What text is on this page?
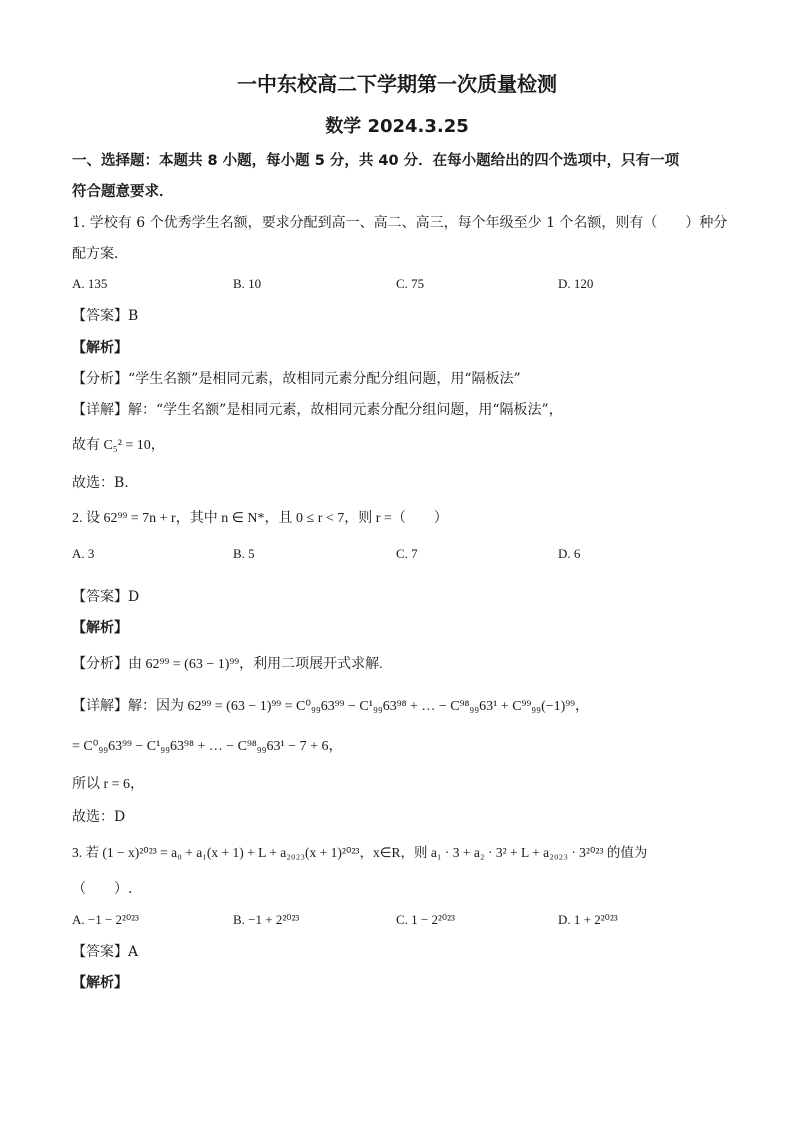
一中东校高二下学期第一次质量检测
数学 2024.3.25
一、选择题：本题共 8 小题，每小题 5 分，共 40 分．在每小题给出的四个选项中，只有一项
符合题意要求．
1. 学校有 6 个优秀学生名额，要求分配到高一、高二、高三，每个年级至少 1 个名额，则有（　　）种分
配方案．
A. 135	B. 10	C. 75	D. 120
【答案】B
【解析】
【分析】“学生名额”是相同元素，故相同元素分配分组问题，用“隔板法”
【详解】解：“学生名额”是相同元素，故相同元素分配分组问题，用“隔板法”，
故有 C₅² = 10，
故选：B.
2. 设 62⁹⁹ = 7n + r，其中 n ∈ N*，且 0 ≤ r < 7，则 r =（　　）
A. 3	B. 5	C. 7	D. 6
【答案】D
【解析】
【分析】由 62⁹⁹ = (63 − 1)⁹⁹，利用二项展开式求解.
【详解】解：因为 62⁹⁹ = (63 − 1)⁹⁹ = C⁰₉₉63⁹⁹ − C¹₉₉63⁹⁸ + … − C⁹⁸₉₉63¹ + C⁹⁹₉₉(−1)⁹⁹，
= C⁰₉₉63⁹⁹ − C¹₉₉63⁹⁸ + … − C⁹⁸₉₉63¹ − 7 + 6，
所以 r = 6，
故选：D
3. 若 (1 − x)²⁰²³ = a₀ + a₁(x + 1) + L + a₂₀₂₃(x + 1)²⁰²³，x∈R，则 a₁ · 3 + a₂ · 3² + L + a₂₀₂₃ · 3²⁰²³ 的值为
（　　）.
A. −1 − 2²⁰²³	B. −1 + 2²⁰²³	C. 1 − 2²⁰²³	D. 1 + 2²⁰²³
【答案】A
【解析】
